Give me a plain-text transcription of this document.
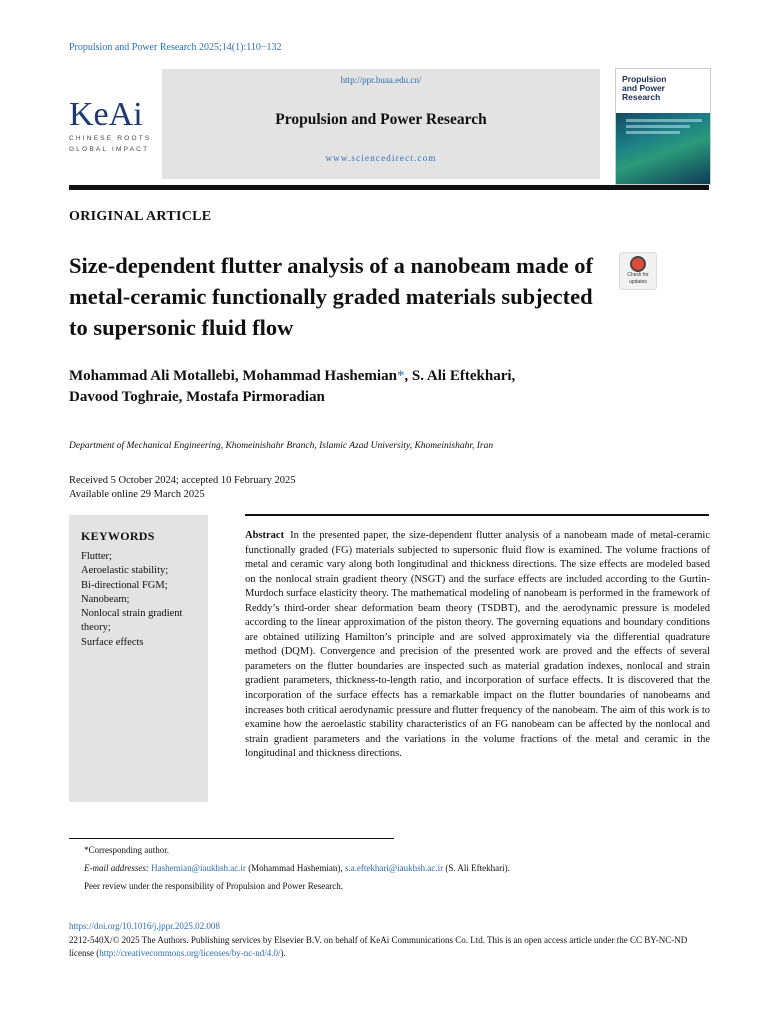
Propulsion and Power Research 2025;14(1):110−132
KeAi
CHINESE ROOTS
GLOBAL IMPACT
http://ppr.buaa.edu.cn/
Propulsion and Power Research
www.sciencedirect.com
Propulsion and Power Research
ORIGINAL ARTICLE
Size-dependent flutter analysis of a nanobeam made of metal-ceramic functionally graded materials subjected to supersonic fluid flow
Check for
updates
Mohammad Ali Motallebi, Mohammad Hashemian*, S. Ali Eftekhari,
Davood Toghraie, Mostafa Pirmoradian
Department of Mechanical Engineering, Khomeinishahr Branch, Islamic Azad University, Khomeinishahr, Iran
Received 5 October 2024; accepted 10 February 2025
Available online 29 March 2025
KEYWORDS
Flutter;
Aeroelastic stability;
Bi-directional FGM;
Nanobeam;
Nonlocal strain gradient theory;
Surface effects
Abstract In the presented paper, the size-dependent flutter analysis of a nanobeam made of metal-ceramic functionally graded (FG) materials subjected to supersonic fluid flow is examined. The volume fractions of metal and ceramic vary along both longitudinal and thickness directions. The size effects are modeled based on the nonlocal strain gradient theory (NSGT) and the surface effects are included according to the Gurtin-Murdoch surface elasticity theory. The mathematical modeling of nanobeam is performed in the framework of Reddy’s third-order shear deformation beam theory (TSDBT), and the aerodynamic pressure is modeled according to the linear approximation of the piston theory. The governing equations and boundary conditions are obtained utilizing Hamilton’s principle and are solved approximately via the differential quadrature method (DQM). Convergence and precision of the presented work are proved and the effects of several parameters on the flutter boundaries are inspected such as material gradation indexes, nonlocal and strain gradient parameters, thickness-to-length ratio, and incorporation of surface effects. It is discovered that the incorporation of the surface effects has a remarkable impact on the flutter boundaries of nanobeams and increases both critical aerodynamic pressure and flutter frequency of the nanobeam. The aim of this work is to examine how the aeroelastic stability characteristics of an FG nanobeam can be affected by the nonlocal and strain gradient parameters and the variations in the volume fractions of the metal and ceramic in the longitudinal and thickness directions.
*Corresponding author.
E-mail addresses: Hashemian@iaukhsh.ac.ir (Mohammad Hashemian), s.a.eftekhari@iaukhsh.ac.ir (S. Ali Eftekhari).
Peer review under the responsibility of Propulsion and Power Research.
https://doi.org/10.1016/j.jppr.2025.02.008
2212-540X/© 2025 The Authors. Publishing services by Elsevier B.V. on behalf of KeAi Communications Co. Ltd. This is an open access article under the CC BY-NC-ND license (http://creativecommons.org/licenses/by-nc-nd/4.0/).
